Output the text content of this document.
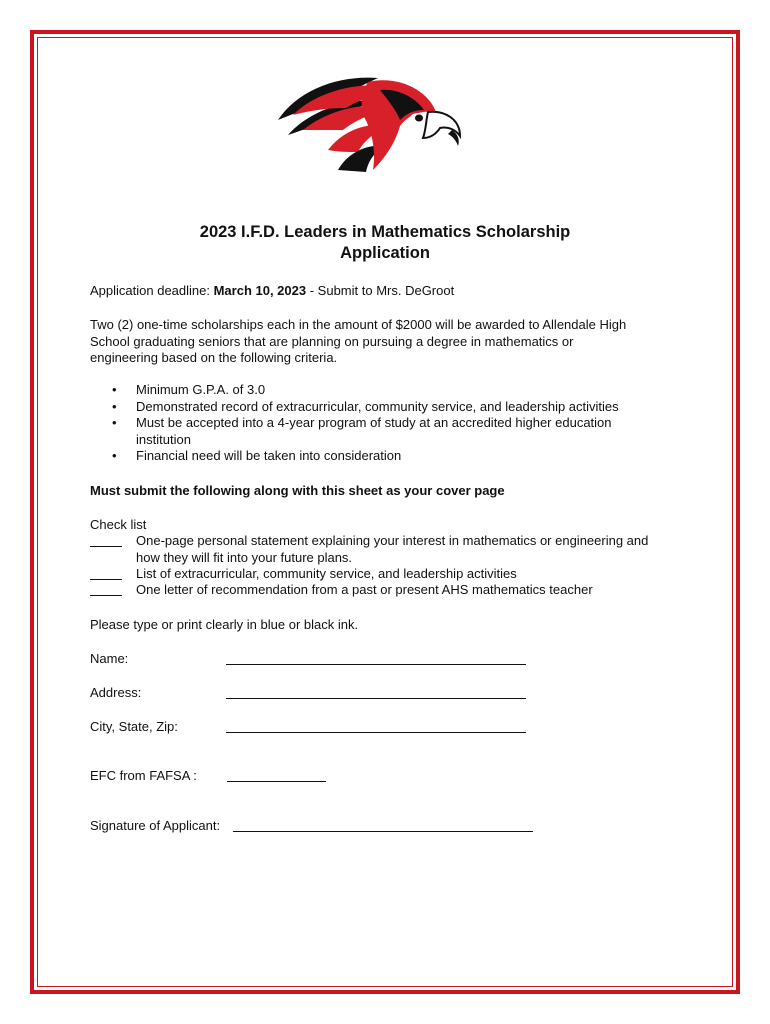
2023 I.F.D. Leaders in Mathematics Scholarship
Application
Application deadline: March 10, 2023 - Submit to Mrs. DeGroot
Two (2) one-time scholarships each in the amount of $2000 will be awarded to Allendale High
School graduating seniors that are planning on pursuing a degree in mathematics or
engineering based on the following criteria.
• Minimum G.P.A. of 3.0
• Demonstrated record of extracurricular, community service, and leadership activities
• Must be accepted into a 4-year program of study at an accredited higher education institution
• Financial need will be taken into consideration
Must submit the following along with this sheet as your cover page
Check list
One-page personal statement explaining your interest in mathematics or engineering and how they will fit into your future plans.
List of extracurricular, community service, and leadership activities
One letter of recommendation from a past or present AHS mathematics teacher
Please type or print clearly in blue or black ink.
Name:
Address:
City, State, Zip:
EFC from FAFSA :
Signature of Applicant:
